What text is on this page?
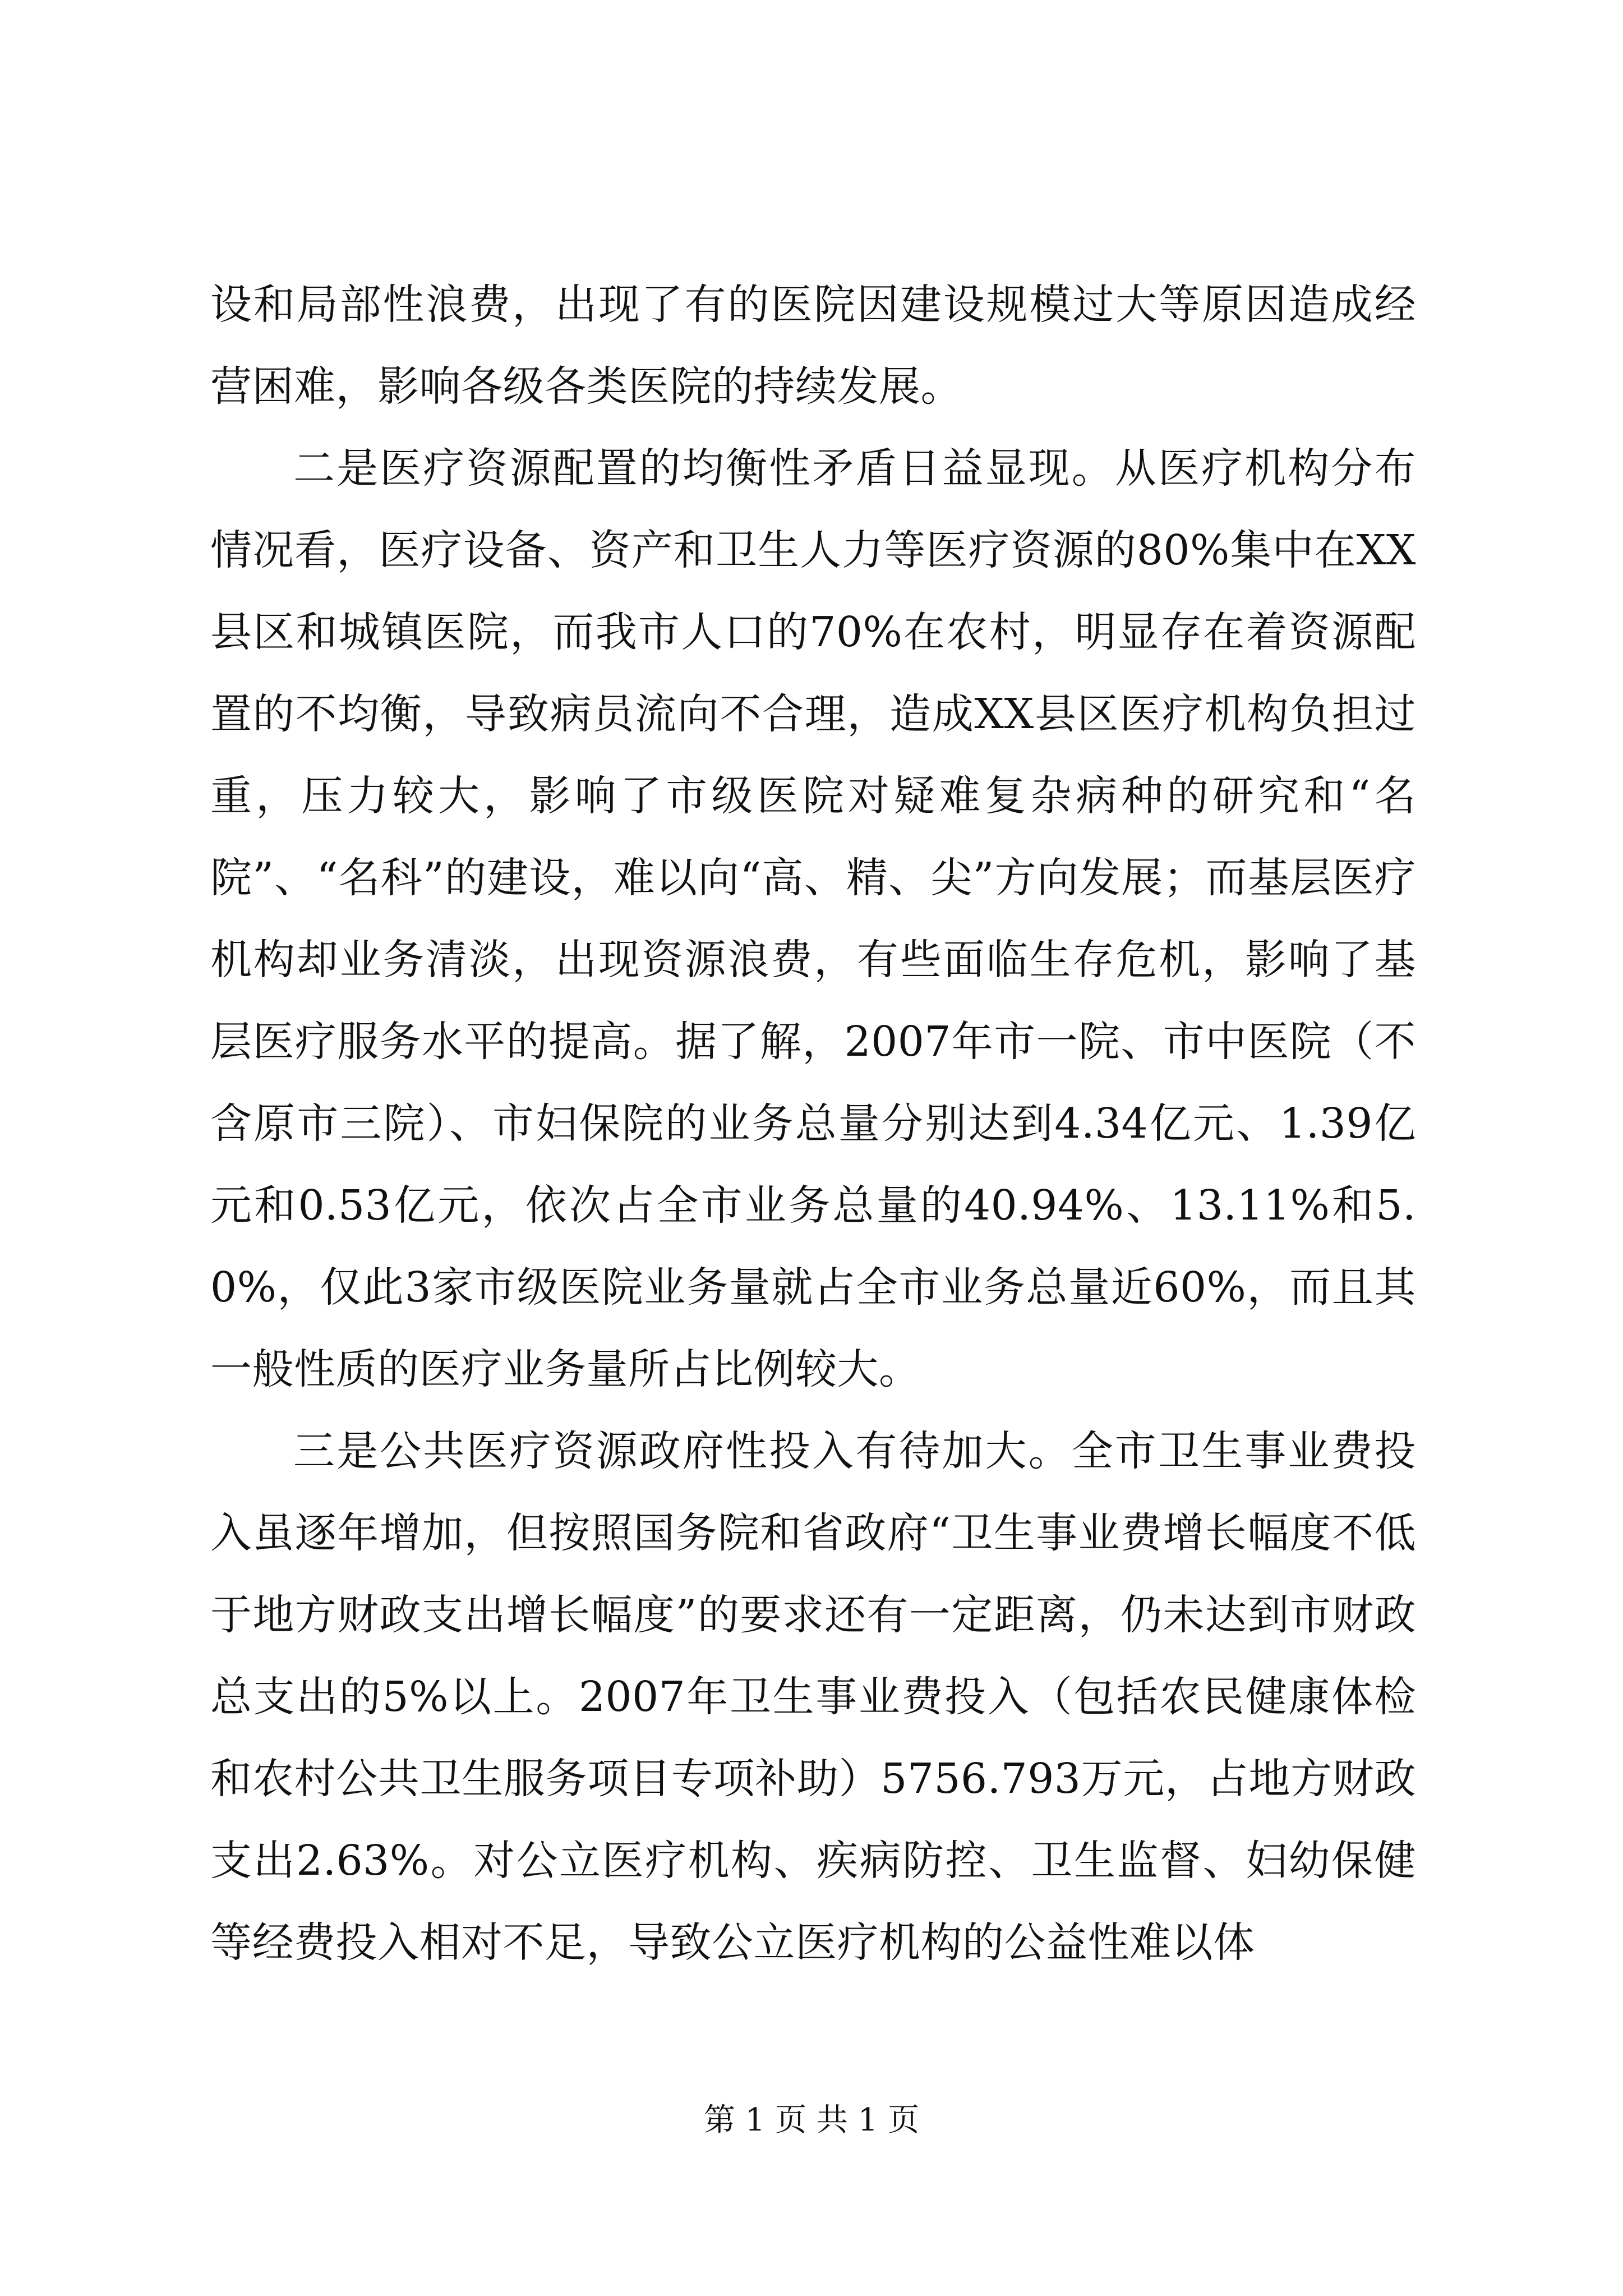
设和局部性浪费，出现了有的医院因建设规模过大等原因造成经营困难，影响各级各类医院的持续发展。

二是医疗资源配置的均衡性矛盾日益显现。从医疗机构分布情况看，医疗设备、资产和卫生人力等医疗资源的80%集中在XX县区和城镇医院，而我市人口的70%在农村，明显存在着资源配置的不均衡，导致病员流向不合理，造成XX县区医疗机构负担过重，压力较大，影响了市级医院对疑难复杂病种的研究和“名院”、“名科”的建设，难以向“高、精、尖”方向发展；而基层医疗机构却业务清淡，出现资源浪费，有些面临生存危机，影响了基层医疗服务水平的提高。据了解，2007年市一院、市中医院（不含原市三院）、市妇保院的业务总量分别达到4.34亿元、1.39亿元和0.53亿元，依次占全市业务总量的40.94%、13.11%和5.0%，仅此3家市级医院业务量就占全市业务总量近60%，而且其一般性质的医疗业务量所占比例较大。

三是公共医疗资源政府性投入有待加大。全市卫生事业费投入虽逐年增加，但按照国务院和省政府“卫生事业费增长幅度不低于地方财政支出增长幅度”的要求还有一定距离，仍未达到市财政总支出的5%以上。2007年卫生事业费投入（包括农民健康体检和农村公共卫生服务项目专项补助）5756.793万元，占地方财政支出2.63%。对公立医疗机构、疾病防控、卫生监督、妇幼保健等经费投入相对不足，导致公立医疗机构的公益性难以体

第 1 页 共 1 页
